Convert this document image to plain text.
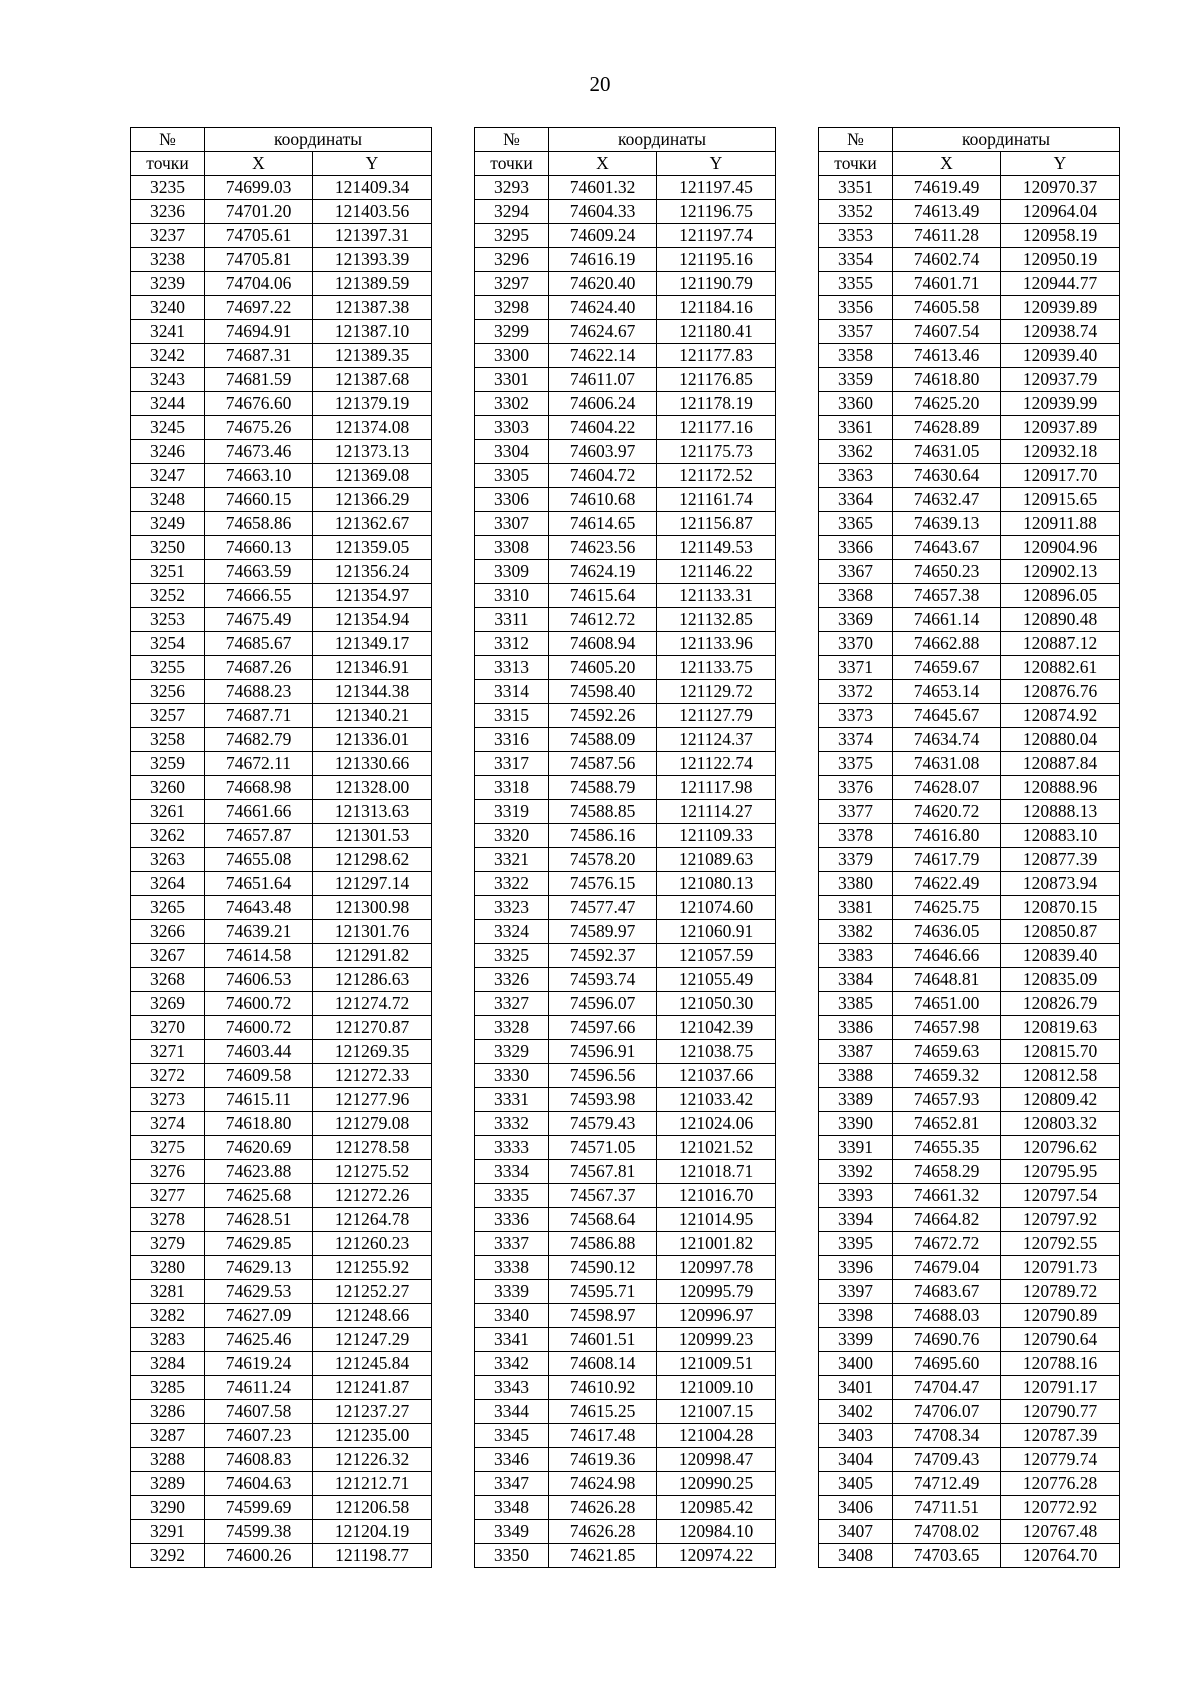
20
№	координаты	
точки	X	Y
3235	74699.03	121409.34
3236	74701.20	121403.56
3237	74705.61	121397.31
3238	74705.81	121393.39
3239	74704.06	121389.59
3240	74697.22	121387.38
3241	74694.91	121387.10
3242	74687.31	121389.35
3243	74681.59	121387.68
3244	74676.60	121379.19
3245	74675.26	121374.08
3246	74673.46	121373.13
3247	74663.10	121369.08
3248	74660.15	121366.29
3249	74658.86	121362.67
3250	74660.13	121359.05
3251	74663.59	121356.24
3252	74666.55	121354.97
3253	74675.49	121354.94
3254	74685.67	121349.17
3255	74687.26	121346.91
3256	74688.23	121344.38
3257	74687.71	121340.21
3258	74682.79	121336.01
3259	74672.11	121330.66
3260	74668.98	121328.00
3261	74661.66	121313.63
3262	74657.87	121301.53
3263	74655.08	121298.62
3264	74651.64	121297.14
3265	74643.48	121300.98
3266	74639.21	121301.76
3267	74614.58	121291.82
3268	74606.53	121286.63
3269	74600.72	121274.72
3270	74600.72	121270.87
3271	74603.44	121269.35
3272	74609.58	121272.33
3273	74615.11	121277.96
3274	74618.80	121279.08
3275	74620.69	121278.58
3276	74623.88	121275.52
3277	74625.68	121272.26
3278	74628.51	121264.78
3279	74629.85	121260.23
3280	74629.13	121255.92
3281	74629.53	121252.27
3282	74627.09	121248.66
3283	74625.46	121247.29
3284	74619.24	121245.84
3285	74611.24	121241.87
3286	74607.58	121237.27
3287	74607.23	121235.00
3288	74608.83	121226.32
3289	74604.63	121212.71
3290	74599.69	121206.58
3291	74599.38	121204.19
3292	74600.26	121198.77
№	координаты	
точки	X	Y
3293	74601.32	121197.45
3294	74604.33	121196.75
3295	74609.24	121197.74
3296	74616.19	121195.16
3297	74620.40	121190.79
3298	74624.40	121184.16
3299	74624.67	121180.41
3300	74622.14	121177.83
3301	74611.07	121176.85
3302	74606.24	121178.19
3303	74604.22	121177.16
3304	74603.97	121175.73
3305	74604.72	121172.52
3306	74610.68	121161.74
3307	74614.65	121156.87
3308	74623.56	121149.53
3309	74624.19	121146.22
3310	74615.64	121133.31
3311	74612.72	121132.85
3312	74608.94	121133.96
3313	74605.20	121133.75
3314	74598.40	121129.72
3315	74592.26	121127.79
3316	74588.09	121124.37
3317	74587.56	121122.74
3318	74588.79	121117.98
3319	74588.85	121114.27
3320	74586.16	121109.33
3321	74578.20	121089.63
3322	74576.15	121080.13
3323	74577.47	121074.60
3324	74589.97	121060.91
3325	74592.37	121057.59
3326	74593.74	121055.49
3327	74596.07	121050.30
3328	74597.66	121042.39
3329	74596.91	121038.75
3330	74596.56	121037.66
3331	74593.98	121033.42
3332	74579.43	121024.06
3333	74571.05	121021.52
3334	74567.81	121018.71
3335	74567.37	121016.70
3336	74568.64	121014.95
3337	74586.88	121001.82
3338	74590.12	120997.78
3339	74595.71	120995.79
3340	74598.97	120996.97
3341	74601.51	120999.23
3342	74608.14	121009.51
3343	74610.92	121009.10
3344	74615.25	121007.15
3345	74617.48	121004.28
3346	74619.36	120998.47
3347	74624.98	120990.25
3348	74626.28	120985.42
3349	74626.28	120984.10
3350	74621.85	120974.22
№	координаты	
точки	X	Y
3351	74619.49	120970.37
3352	74613.49	120964.04
3353	74611.28	120958.19
3354	74602.74	120950.19
3355	74601.71	120944.77
3356	74605.58	120939.89
3357	74607.54	120938.74
3358	74613.46	120939.40
3359	74618.80	120937.79
3360	74625.20	120939.99
3361	74628.89	120937.89
3362	74631.05	120932.18
3363	74630.64	120917.70
3364	74632.47	120915.65
3365	74639.13	120911.88
3366	74643.67	120904.96
3367	74650.23	120902.13
3368	74657.38	120896.05
3369	74661.14	120890.48
3370	74662.88	120887.12
3371	74659.67	120882.61
3372	74653.14	120876.76
3373	74645.67	120874.92
3374	74634.74	120880.04
3375	74631.08	120887.84
3376	74628.07	120888.96
3377	74620.72	120888.13
3378	74616.80	120883.10
3379	74617.79	120877.39
3380	74622.49	120873.94
3381	74625.75	120870.15
3382	74636.05	120850.87
3383	74646.66	120839.40
3384	74648.81	120835.09
3385	74651.00	120826.79
3386	74657.98	120819.63
3387	74659.63	120815.70
3388	74659.32	120812.58
3389	74657.93	120809.42
3390	74652.81	120803.32
3391	74655.35	120796.62
3392	74658.29	120795.95
3393	74661.32	120797.54
3394	74664.82	120797.92
3395	74672.72	120792.55
3396	74679.04	120791.73
3397	74683.67	120789.72
3398	74688.03	120790.89
3399	74690.76	120790.64
3400	74695.60	120788.16
3401	74704.47	120791.17
3402	74706.07	120790.77
3403	74708.34	120787.39
3404	74709.43	120779.74
3405	74712.49	120776.28
3406	74711.51	120772.92
3407	74708.02	120767.48
3408	74703.65	120764.70
